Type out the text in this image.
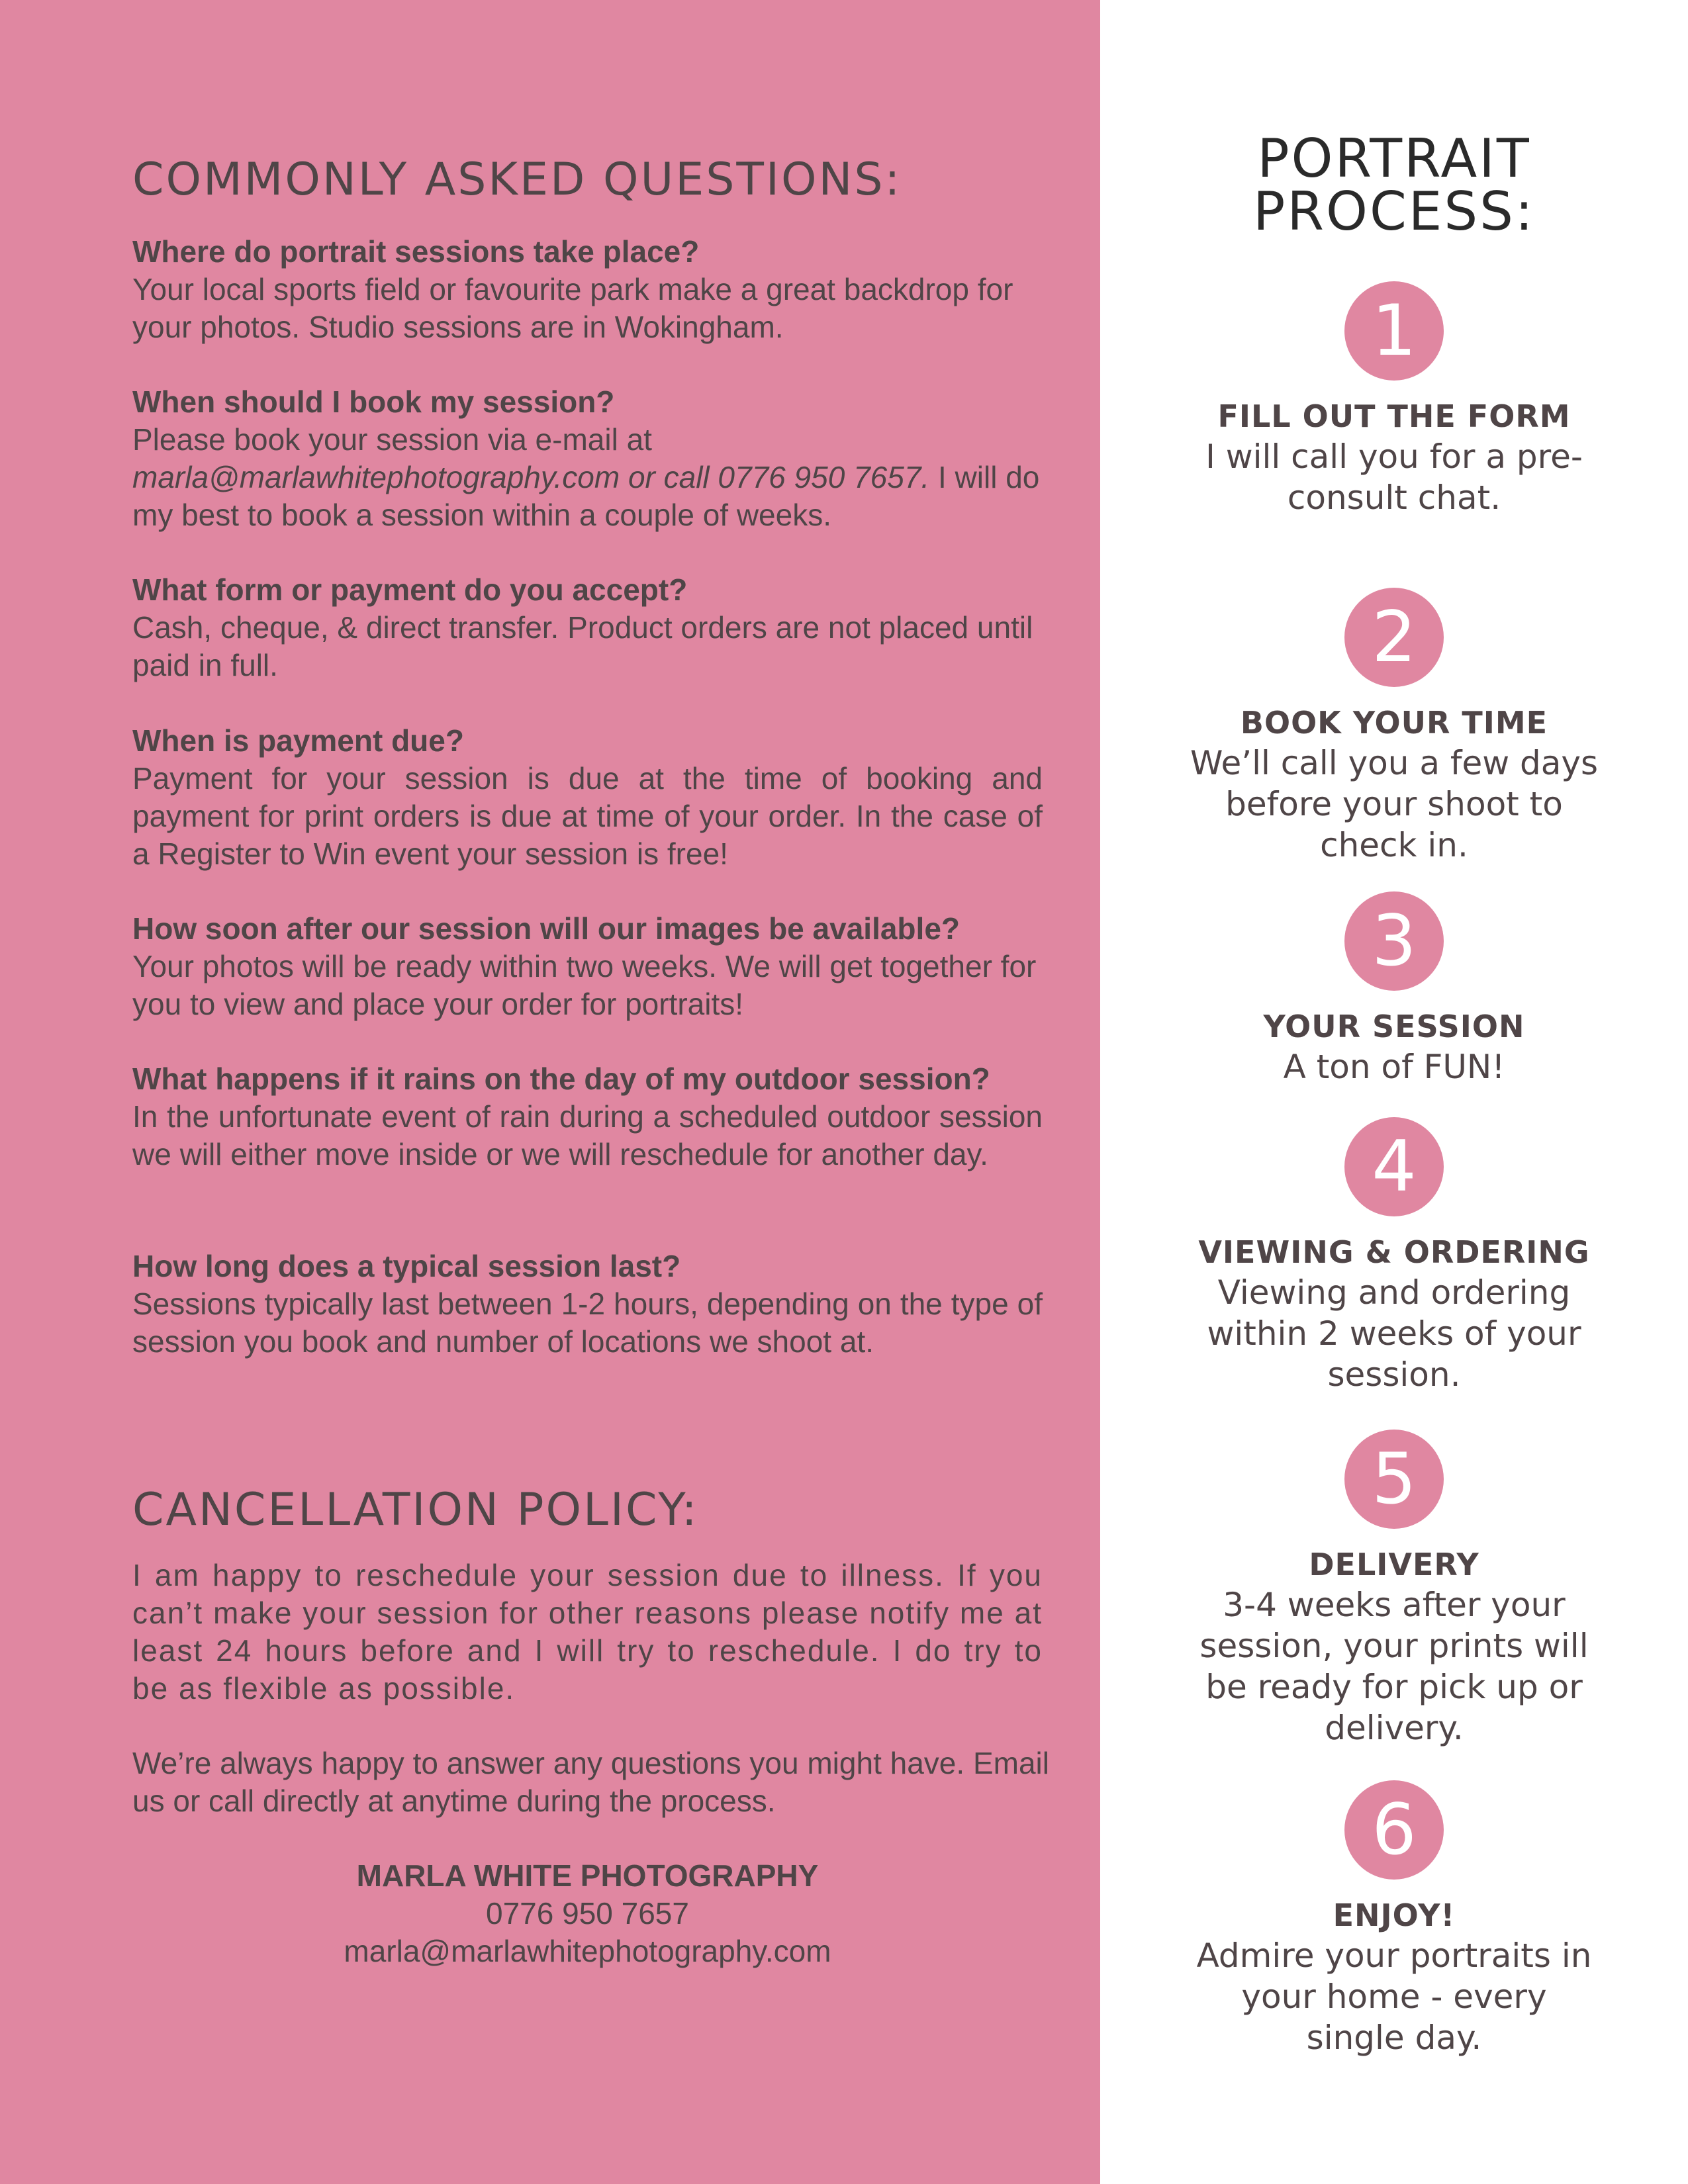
COMMONLY ASKED QUESTIONS:
Where do portrait sessions take place?
Your local sports field or favourite park make a great backdrop for your photos. Studio sessions are in Wokingham.
When should I book my session?
Please book your session via e-mail at marla@marlawhitephotography.com or call 0776 950 7657. I will do my best to book a session within a couple of weeks.
What form or payment do you accept?
Cash, cheque, & direct transfer. Product orders are not placed until paid in full.
When is payment due?
Payment for your session is due at the time of booking and payment for print orders is due at time of your order. In the case of a Register to Win event your session is free!
How soon after our session will our images be available?
Your photos will be ready within two weeks. We will get together for you to view and place your order for portraits!
What happens if it rains on the day of my outdoor session?
In the unfortunate event of rain during a scheduled outdoor session we will either move inside or we will reschedule for another day.
How long does a typical session last?
Sessions typically last between 1-2 hours, depending on the type of session you book and number of locations we shoot at.
CANCELLATION POLICY:
I am happy to reschedule your session due to illness. If you can’t make your session for other reasons please notify me at least 24 hours before and I will try to reschedule. I do try to be as flexible as possible.
We’re always happy to answer any questions you might have. Email us or call directly at anytime during the process.
MARLA WHITE PHOTOGRAPHY
0776 950 7657
marla@marlawhitephotography.com
PORTRAIT
PROCESS:
1
FILL OUT THE FORM
I will call you for a pre-consult chat.
2
BOOK YOUR TIME
We’ll call you a few days before your shoot to check in.
3
YOUR SESSION
A ton of FUN!
4
VIEWING & ORDERING
Viewing and ordering within 2 weeks of your session.
5
DELIVERY
3-4 weeks after your session, your prints will be ready for pick up or delivery.
6
ENJOY!
Admire your portraits in your home - every single day.
